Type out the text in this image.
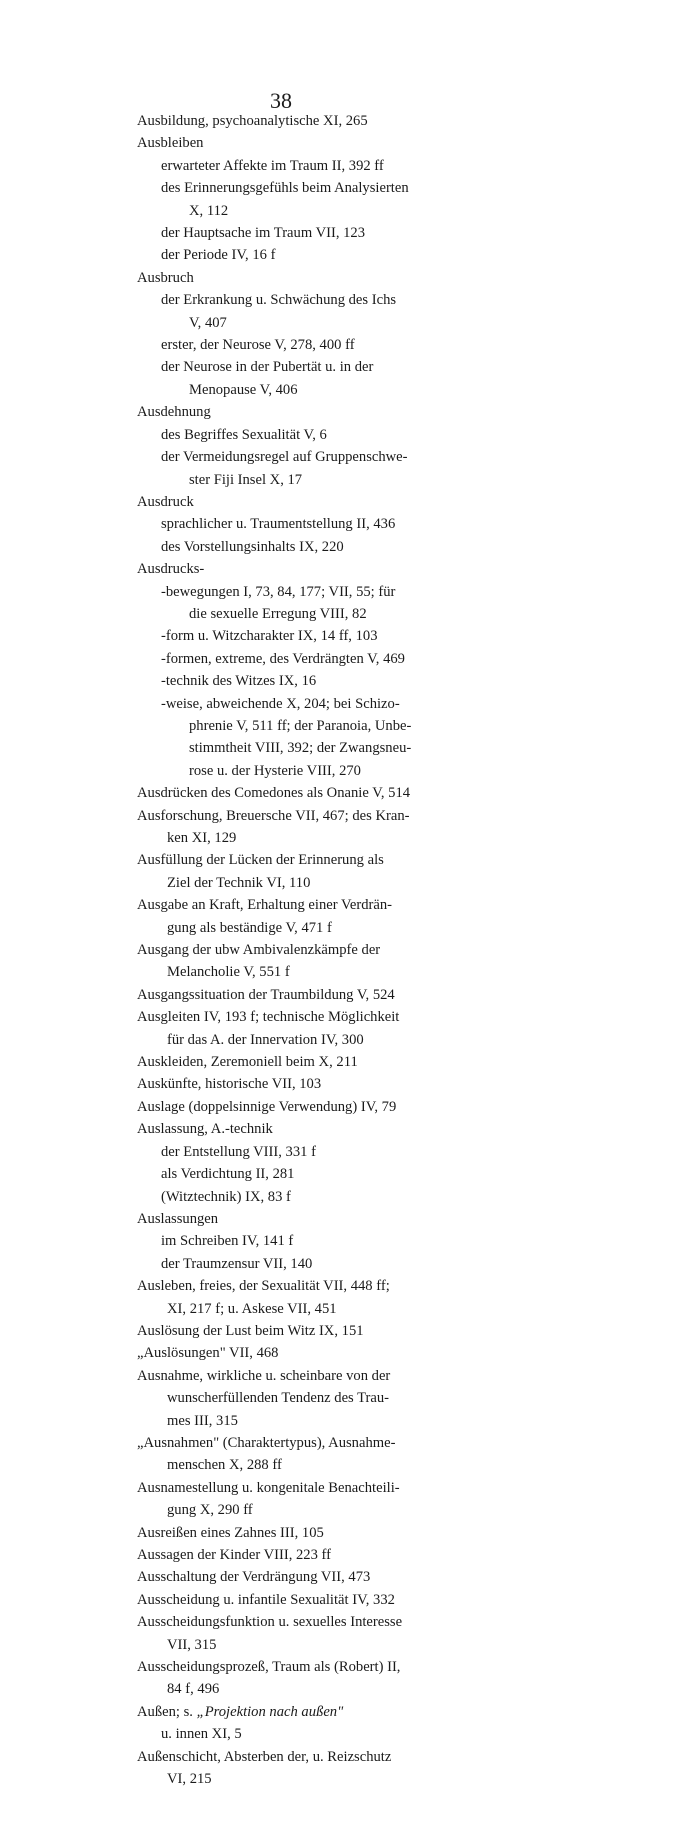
38
Ausbildung, psychoanalytische XI, 265
Ausbleiben
erwarteter Affekte im Traum II, 392 ff
des Erinnerungsgefühls beim Analysierten
X, 112
der Hauptsache im Traum VII, 123
der Periode IV, 16 f
Ausbruch
der Erkrankung u. Schwächung des Ichs
V, 407
erster, der Neurose V, 278, 400 ff
der Neurose in der Pubertät u. in der
Menopause V, 406
Ausdehnung
des Begriffes Sexualität V, 6
der Vermeidungsregel auf Gruppenschwe-
ster Fiji Insel X, 17
Ausdruck
sprachlicher u. Traumentstellung II, 436
des Vorstellungsinhalts IX, 220
Ausdrucks-
-bewegungen I, 73, 84, 177; VII, 55; für
die sexuelle Erregung VIII, 82
-form u. Witzcharakter IX, 14 ff, 103
-formen, extreme, des Verdrängten V, 469
-technik des Witzes IX, 16
-weise, abweichende X, 204; bei Schizo-
phrenie V, 511 ff; der Paranoia, Unbe-
stimmtheit VIII, 392; der Zwangsneu-
rose u. der Hysterie VIII, 270
Ausdrücken des Comedones als Onanie V, 514
Ausforschung, Breuersche VII, 467; des Kran-
ken XI, 129
Ausfüllung der Lücken der Erinnerung als
Ziel der Technik VI, 110
Ausgabe an Kraft, Erhaltung einer Verdrän-
gung als beständige V, 471 f
Ausgang der ubw Ambivalenzkämpfe der
Melancholie V, 551 f
Ausgangssituation der Traumbildung V, 524
Ausgleiten IV, 193 f; technische Möglichkeit
für das A. der Innervation IV, 300
Auskleiden, Zeremoniell beim X, 211
Auskünfte, historische VII, 103
Auslage (doppelsinnige Verwendung) IV, 79
Auslassung, A.-technik
der Entstellung VIII, 331 f
als Verdichtung II, 281
(Witztechnik) IX, 83 f
Auslassungen
im Schreiben IV, 141 f
der Traumzensur VII, 140
Ausleben, freies, der Sexualität VII, 448 ff;
XI, 217 f; u. Askese VII, 451
Auslösung der Lust beim Witz IX, 151
„Auslösungen" VII, 468
Ausnahme, wirkliche u. scheinbare von der
wunscherfüllenden Tendenz des Trau-
mes III, 315
„Ausnahmen" (Charaktertypus), Ausnahme-
menschen X, 288 ff
Ausnamestellung u. kongenitale Benachteili-
gung X, 290 ff
Ausreißen eines Zahnes III, 105
Aussagen der Kinder VIII, 223 ff
Ausschaltung der Verdrängung VII, 473
Ausscheidung u. infantile Sexualität IV, 332
Ausscheidungsfunktion u. sexuelles Interesse
VII, 315
Ausscheidungsprozeß, Traum als (Robert) II,
84 f, 496
Außen; s. „Projektion nach außen"
u. innen XI, 5
Außenschicht, Absterben der, u. Reizschutz
VI, 215
